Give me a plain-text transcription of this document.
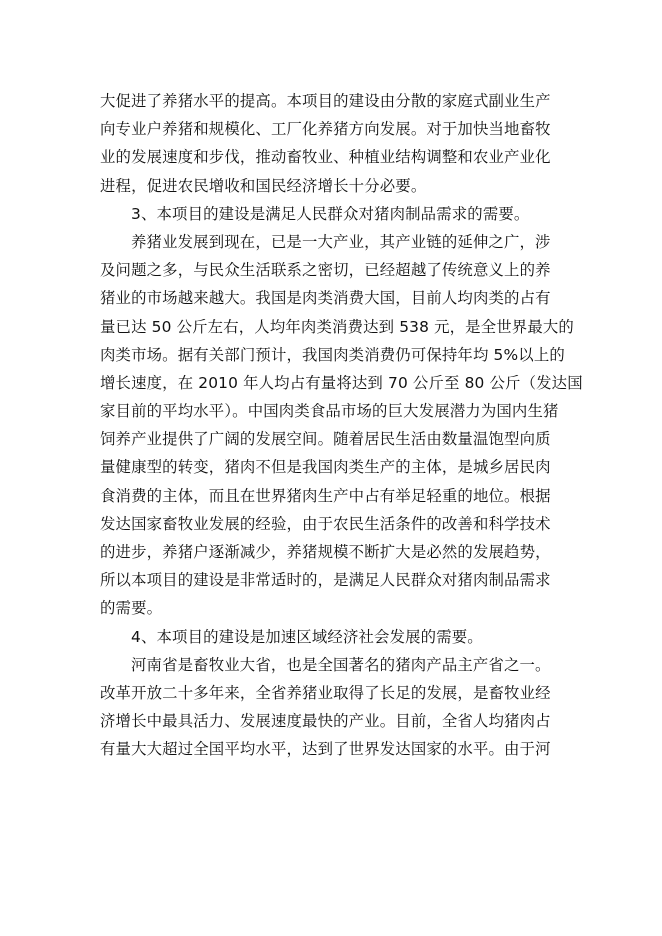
大促进了养猪水平的提高。本项目的建设由分散的家庭式副业生产
向专业户养猪和规模化、工厂化养猪方向发展。对于加快当地畜牧
业的发展速度和步伐，推动畜牧业、种植业结构调整和农业产业化
进程，促进农民增收和国民经济增长十分必要。
3、本项目的建设是满足人民群众对猪肉制品需求的需要。
养猪业发展到现在，已是一大产业，其产业链的延伸之广，涉
及问题之多，与民众生活联系之密切，已经超越了传统意义上的养
猪业的市场越来越大。我国是肉类消费大国，目前人均肉类的占有
量已达 50 公斤左右，人均年肉类消费达到 538 元，是全世界最大的
肉类市场。据有关部门预计，我国肉类消费仍可保持年均 5%以上的
增长速度，在 2010 年人均占有量将达到 70 公斤至 80 公斤（发达国
家目前的平均水平）。中国肉类食品市场的巨大发展潜力为国内生猪
饲养产业提供了广阔的发展空间。随着居民生活由数量温饱型向质
量健康型的转变，猪肉不但是我国肉类生产的主体，是城乡居民肉
食消费的主体，而且在世界猪肉生产中占有举足轻重的地位。根据
发达国家畜牧业发展的经验，由于农民生活条件的改善和科学技术
的进步，养猪户逐渐减少，养猪规模不断扩大是必然的发展趋势，
所以本项目的建设是非常适时的，是满足人民群众对猪肉制品需求
的需要。
4、本项目的建设是加速区域经济社会发展的需要。
河南省是畜牧业大省，也是全国著名的猪肉产品主产省之一。
改革开放二十多年来，全省养猪业取得了长足的发展，是畜牧业经
济增长中最具活力、发展速度最快的产业。目前，全省人均猪肉占
有量大大超过全国平均水平，达到了世界发达国家的水平。由于河
